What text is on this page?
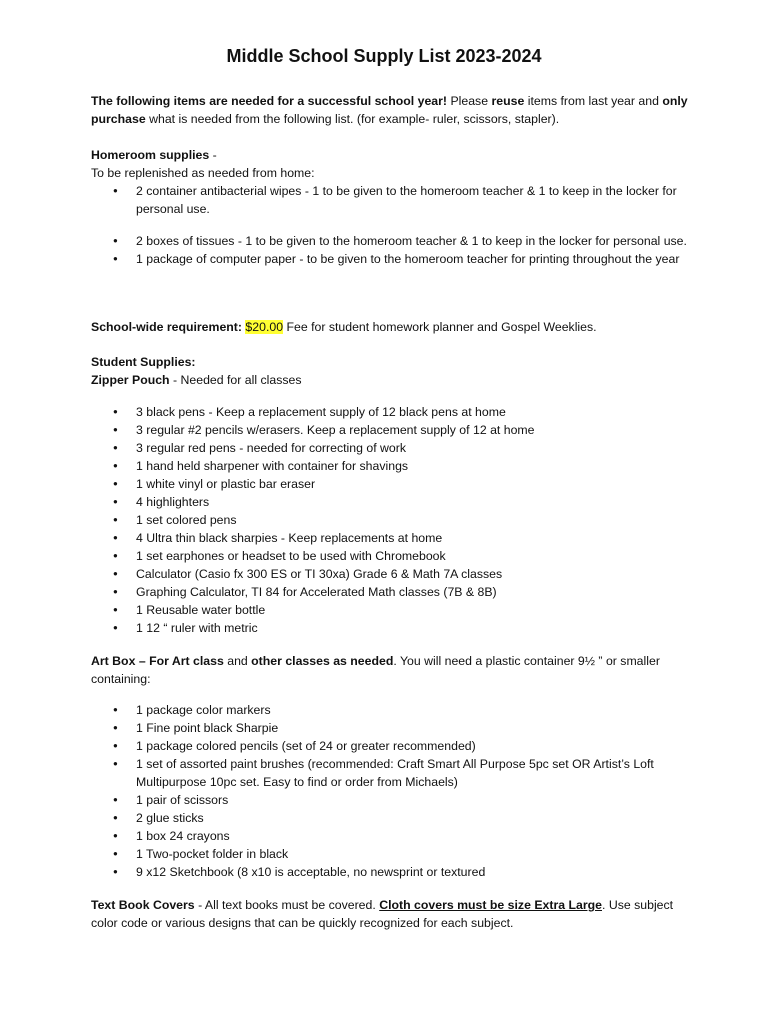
Middle School Supply List 2023-2024

The following items are needed for a successful school year! Please reuse items from last year and only purchase what is needed from the following list. (for example- ruler, scissors, stapler).

Homeroom supplies -

To be replenished as needed from home:

● 2 container antibacterial wipes - 1 to be given to the homeroom teacher & 1 to keep in the locker for personal use.
● 2 boxes of tissues - 1 to be given to the homeroom teacher & 1 to keep in the locker for personal use.
● 1 package of computer paper - to be given to the homeroom teacher for printing throughout the year

School-wide requirement: $20.00 Fee for student homework planner and Gospel Weeklies.

Student Supplies:

Zipper Pouch - Needed for all classes

● 3 black pens - Keep a replacement supply of 12 black pens at home
● 3 regular #2 pencils w/erasers. Keep a replacement supply of 12 at home
● 3 regular red pens - needed for correcting of work
● 1 hand held sharpener with container for shavings
● 1 white vinyl or plastic bar eraser
● 4 highlighters
● 1 set colored pens
● 4 Ultra thin black sharpies - Keep replacements at home
● 1 set earphones or headset to be used with Chromebook
● Calculator (Casio fx 300 ES or TI 30xa) Grade 6 & Math 7A classes
● Graphing Calculator, TI 84 for Accelerated Math classes (7B & 8B)
● 1 Reusable water bottle
● 1 12 “ ruler with metric

Art Box – For Art class and other classes as needed. You will need a plastic container 9½ ” or smaller containing:

● 1 package color markers
● 1 Fine point black Sharpie
● 1 package colored pencils (set of 24 or greater recommended)
● 1 set of assorted paint brushes (recommended: Craft Smart All Purpose 5pc set OR Artist’s Loft Multipurpose 10pc set. Easy to find or order from Michaels)
● 1 pair of scissors
● 2 glue sticks
● 1 box 24 crayons
● 1 Two-pocket folder in black
● 9 x12 Sketchbook (8 x10 is acceptable, no newsprint or textured

Text Book Covers - All text books must be covered. Cloth covers must be size Extra Large. Use subject color code or various designs that can be quickly recognized for each subject.
